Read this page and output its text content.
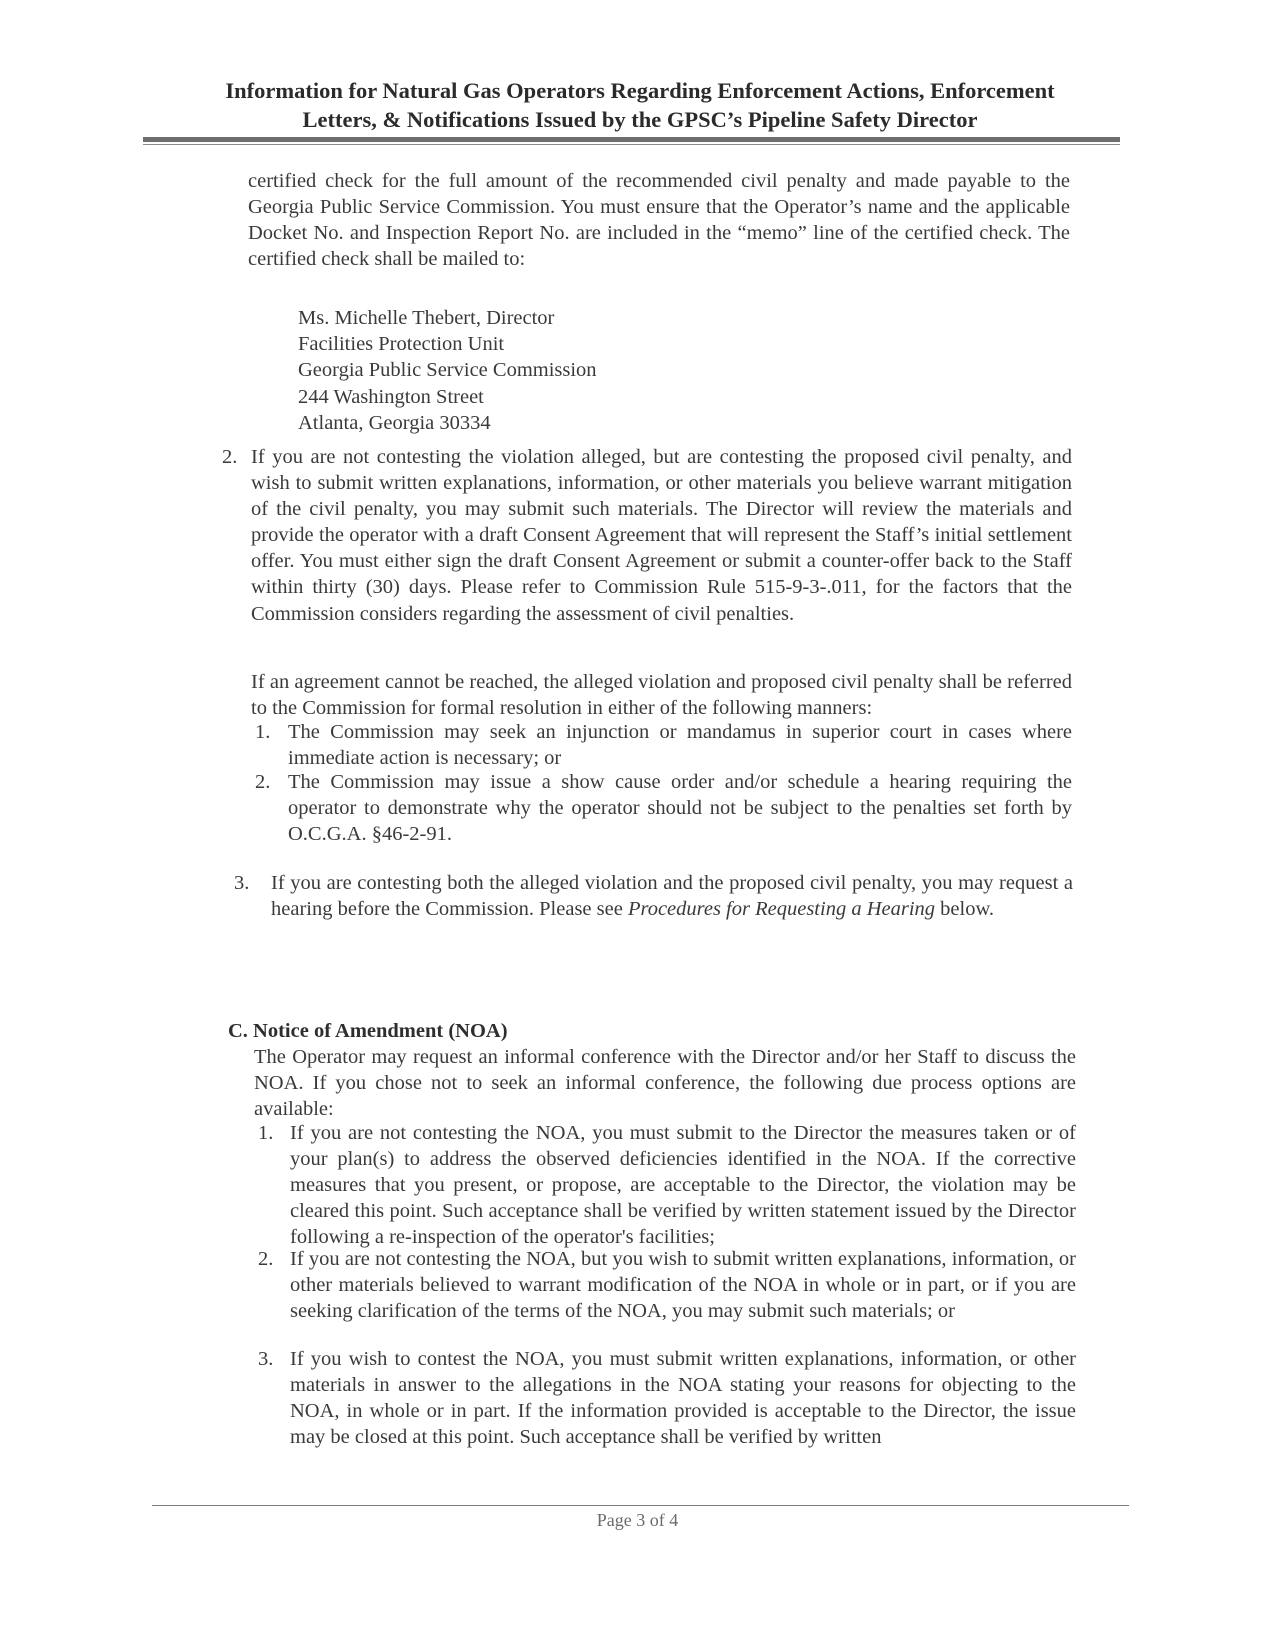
Information for Natural Gas Operators Regarding Enforcement Actions, Enforcement
Letters, & Notifications Issued by the GPSC’s Pipeline Safety Director
certified check for the full amount of the recommended civil penalty and made payable to the Georgia Public Service Commission. You must ensure that the Operator’s name and the applicable Docket No. and Inspection Report No. are included in the “memo” line of the certified check. The certified check shall be mailed to:
Ms. Michelle Thebert, Director
Facilities Protection Unit
Georgia Public Service Commission
244 Washington Street
Atlanta, Georgia 30334
2. If you are not contesting the violation alleged, but are contesting the proposed civil penalty, and wish to submit written explanations, information, or other materials you believe warrant mitigation of the civil penalty, you may submit such materials. The Director will review the materials and provide the operator with a draft Consent Agreement that will represent the Staff’s initial settlement offer. You must either sign the draft Consent Agreement or submit a counter-offer back to the Staff within thirty (30) days. Please refer to Commission Rule 515-9-3-.011, for the factors that the Commission considers regarding the assessment of civil penalties.
If an agreement cannot be reached, the alleged violation and proposed civil penalty shall be referred to the Commission for formal resolution in either of the following manners:
1. The Commission may seek an injunction or mandamus in superior court in cases where immediate action is necessary; or
2. The Commission may issue a show cause order and/or schedule a hearing requiring the operator to demonstrate why the operator should not be subject to the penalties set forth by O.C.G.A. §46-2-91.
3. If you are contesting both the alleged violation and the proposed civil penalty, you may request a hearing before the Commission. Please see Procedures for Requesting a Hearing below.
C. Notice of Amendment (NOA)
The Operator may request an informal conference with the Director and/or her Staff to discuss the NOA. If you chose not to seek an informal conference, the following due process options are available:
1. If you are not contesting the NOA, you must submit to the Director the measures taken or of your plan(s) to address the observed deficiencies identified in the NOA. If the corrective measures that you present, or propose, are acceptable to the Director, the violation may be cleared this point. Such acceptance shall be verified by written statement issued by the Director following a re-inspection of the operator's facilities;
2. If you are not contesting the NOA, but you wish to submit written explanations, information, or other materials believed to warrant modification of the NOA in whole or in part, or if you are seeking clarification of the terms of the NOA, you may submit such materials; or
3. If you wish to contest the NOA, you must submit written explanations, information, or other materials in answer to the allegations in the NOA stating your reasons for objecting to the NOA, in whole or in part. If the information provided is acceptable to the Director, the issue may be closed at this point. Such acceptance shall be verified by written
Page 3 of 4
